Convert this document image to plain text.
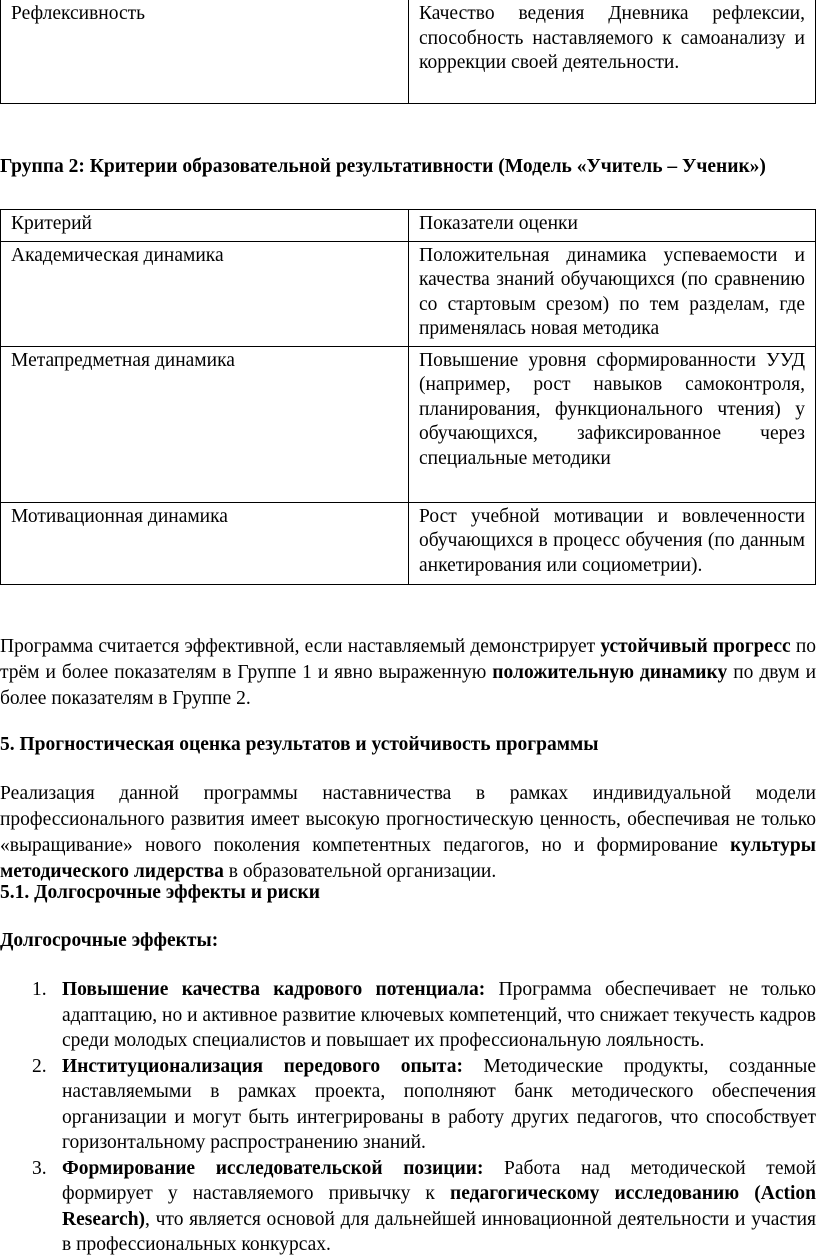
Рефлексивность	Качество ведения Дневника рефлексии, способность наставляемого к самоанализу и коррекции своей деятельности.
Группа 2: Критерии образовательной результативности (Модель «Учитель – Ученик»)
Критерий	Показатели оценки
Академическая динамика	Положительная динамика успеваемости и качества знаний обучающихся (по сравнению со стартовым срезом) по тем разделам, где применялась новая методика
Метапредметная динамика	Повышение уровня сформированности УУД (например, рост навыков самоконтроля, планирования, функционального чтения) у обучающихся, зафиксированное через специальные методики
Мотивационная динамика	Рост учебной мотивации и вовлеченности обучающихся в процесс обучения (по данным анкетирования или социометрии).
Программа считается эффективной, если наставляемый демонстрирует устойчивый прогресс по трём и более показателям в Группе 1 и явно выраженную положительную динамику по двум и более показателям в Группе 2.
5. Прогностическая оценка результатов и устойчивость программы
Реализация данной программы наставничества в рамках индивидуальной модели профессионального развития имеет высокую прогностическую ценность, обеспечивая не только «выращивание» нового поколения компетентных педагогов, но и формирование культуры методического лидерства в образовательной организации.
5.1. Долгосрочные эффекты и риски
Долгосрочные эффекты:
1. Повышение качества кадрового потенциала: Программа обеспечивает не только адаптацию, но и активное развитие ключевых компетенций, что снижает текучесть кадров среди молодых специалистов и повышает их профессиональную лояльность.
2. Институционализация передового опыта: Методические продукты, созданные наставляемыми в рамках проекта, пополняют банк методического обеспечения организации и могут быть интегрированы в работу других педагогов, что способствует горизонтальному распространению знаний.
3. Формирование исследовательской позиции: Работа над методической темой формирует у наставляемого привычку к педагогическому исследованию (Action Research), что является основой для дальнейшей инновационной деятельности и участия в профессиональных конкурсах.
